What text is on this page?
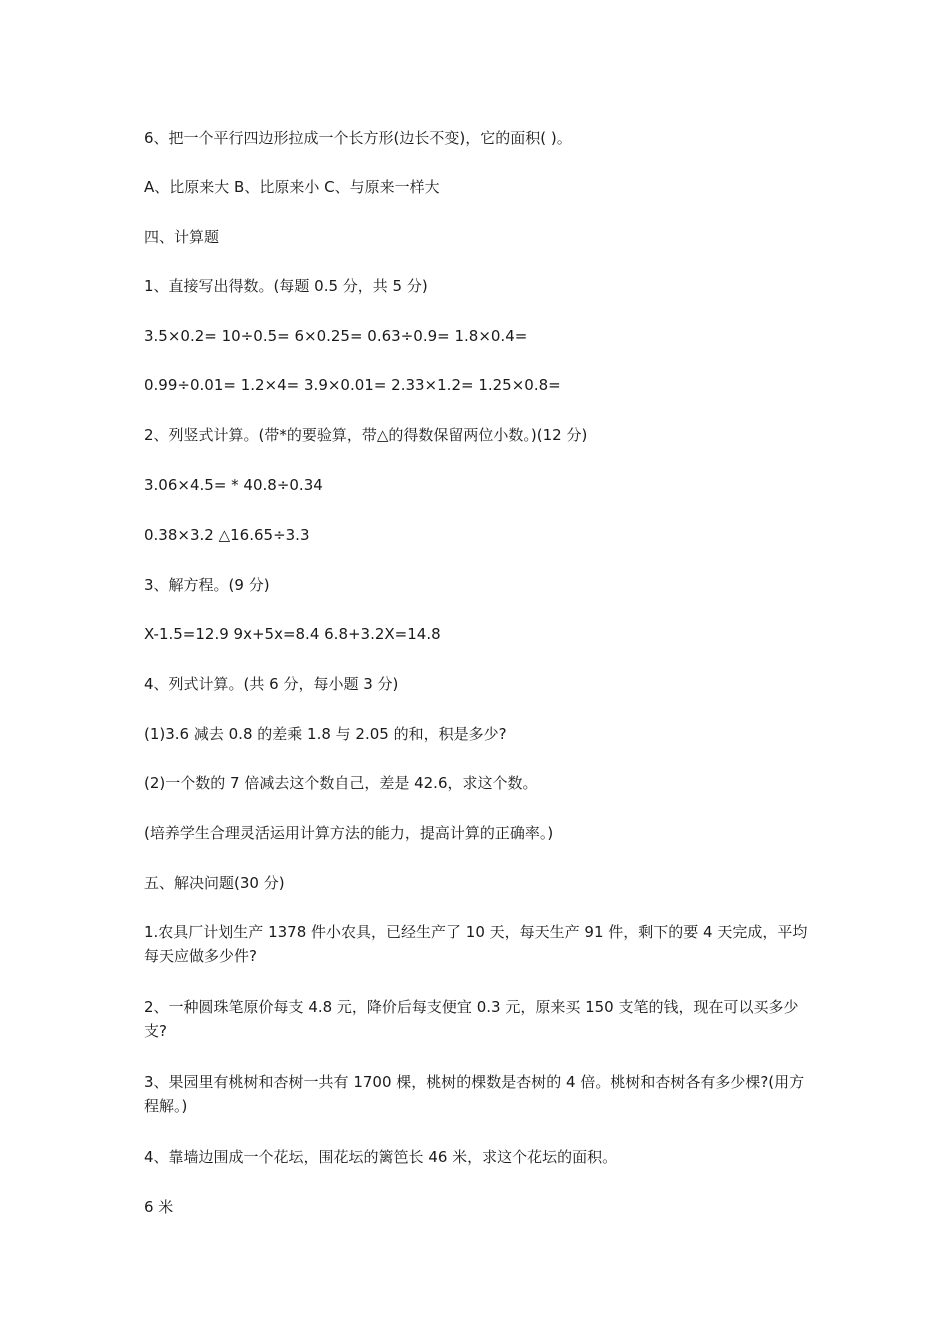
6、把一个平行四边形拉成一个长方形(边长不变)，它的面积( )。
A、比原来大 B、比原来小 C、与原来一样大
四、计算题
1、直接写出得数。(每题 0.5 分，共 5 分)
3.5×0.2= 10÷0.5= 6×0.25= 0.63÷0.9= 1.8×0.4=
0.99÷0.01= 1.2×4= 3.9×0.01= 2.33×1.2= 1.25×0.8=
2、列竖式计算。(带*的要验算，带△的得数保留两位小数。)(12 分)
3.06×4.5= * 40.8÷0.34
0.38×3.2 △16.65÷3.3
3、解方程。(9 分)
X-1.5=12.9 9x+5x=8.4 6.8+3.2X=14.8
4、列式计算。(共 6 分，每小题 3 分)
(1)3.6 减去 0.8 的差乘 1.8 与 2.05 的和，积是多少?
(2)一个数的 7 倍减去这个数自己，差是 42.6，求这个数。
(培养学生合理灵活运用计算方法的能力，提高计算的正确率。)
五、解决问题(30 分)
1.农具厂计划生产 1378 件小农具，已经生产了 10 天，每天生产 91 件，剩下的要 4 天完成，平均每天应做多少件?
2、一种圆珠笔原价每支 4.8 元，降价后每支便宜 0.3 元，原来买 150 支笔的钱，现在可以买多少支?
3、果园里有桃树和杏树一共有 1700 棵，桃树的棵数是杏树的 4 倍。桃树和杏树各有多少棵?(用方程解。)
4、靠墙边围成一个花坛，围花坛的篱笆长 46 米，求这个花坛的面积。
6 米
